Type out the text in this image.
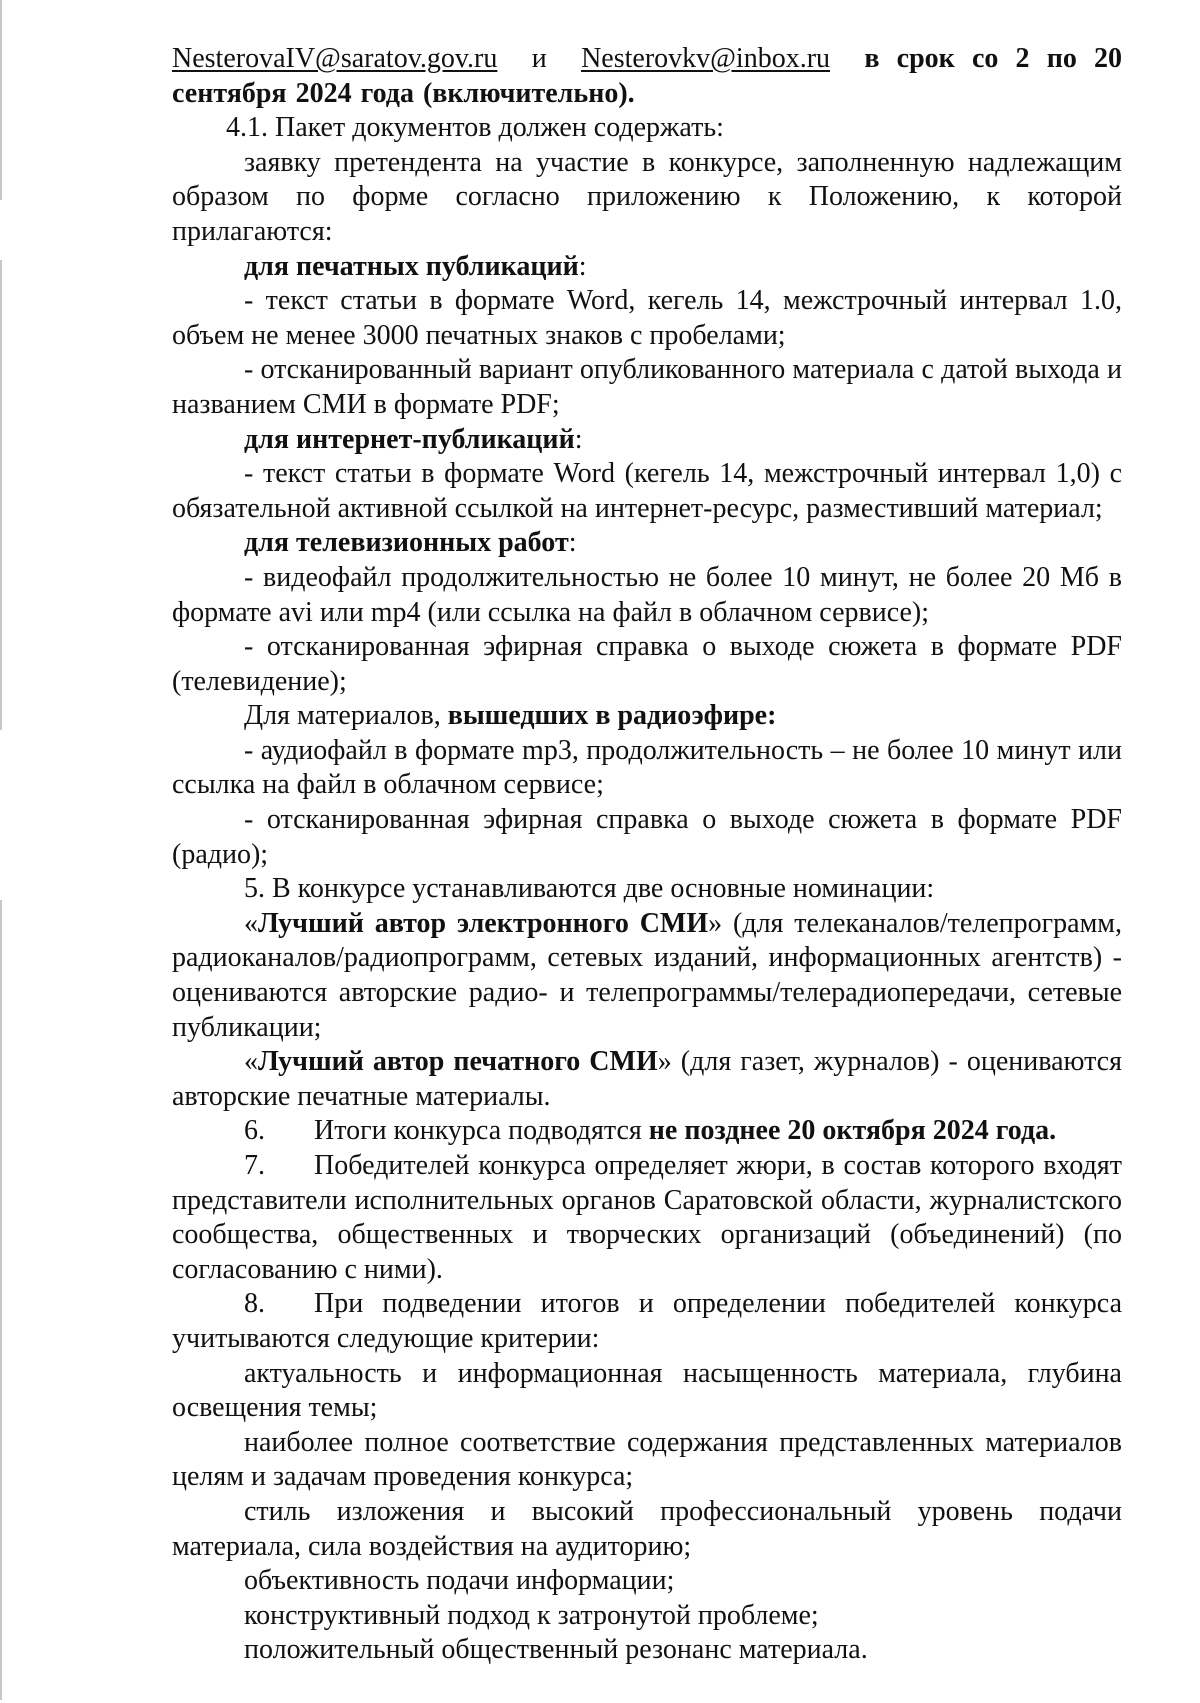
NesterovaIV@saratov.gov.ru и Nesterovkv@inbox.ru в срок со 2 по 20 сентября 2024 года (включительно).

4.1. Пакет документов должен содержать:

заявку претендента на участие в конкурсе, заполненную надлежащим образом по форме согласно приложению к Положению, к которой прилагаются:

для печатных публикаций:

- текст статьи в формате Word, кегель 14, межстрочный интервал 1.0, объем не менее 3000 печатных знаков с пробелами;

- отсканированный вариант опубликованного материала с датой выхода и названием СМИ в формате PDF;

для интернет-публикаций:

- текст статьи в формате Word (кегель 14, межстрочный интервал 1,0) с обязательной активной ссылкой на интернет-ресурс, разместивший материал;

для телевизионных работ:

- видеофайл продолжительностью не более 10 минут, не более 20 Мб в формате avi или mp4 (или ссылка на файл в облачном сервисе);

- отсканированная эфирная справка о выходе сюжета в формате PDF (телевидение);

Для материалов, вышедших в радиоэфире:

- аудиофайл в формате mp3, продолжительность – не более 10 минут или ссылка на файл в облачном сервисе;

- отсканированная эфирная справка о выходе сюжета в формате PDF (радио);

5. В конкурсе устанавливаются две основные номинации:

«Лучший автор электронного СМИ» (для телеканалов/телепрограмм, радиоканалов/радиопрограмм, сетевых изданий, информационных агентств) - оцениваются авторские радио- и телепрограммы/телерадиопередачи, сетевые публикации;

«Лучший автор печатного СМИ» (для газет, журналов) - оцениваются авторские печатные материалы.

6. Итоги конкурса подводятся не позднее 20 октября 2024 года.

7. Победителей конкурса определяет жюри, в состав которого входят представители исполнительных органов Саратовской области, журналистского сообщества, общественных и творческих организаций (объединений) (по согласованию с ними).

8. При подведении итогов и определении победителей конкурса учитываются следующие критерии:

актуальность и информационная насыщенность материала, глубина освещения темы;

наиболее полное соответствие содержания представленных материалов целям и задачам проведения конкурса;

стиль изложения и высокий профессиональный уровень подачи материала, сила воздействия на аудиторию;

объективность подачи информации;

конструктивный подход к затронутой проблеме;

положительный общественный резонанс материала.
